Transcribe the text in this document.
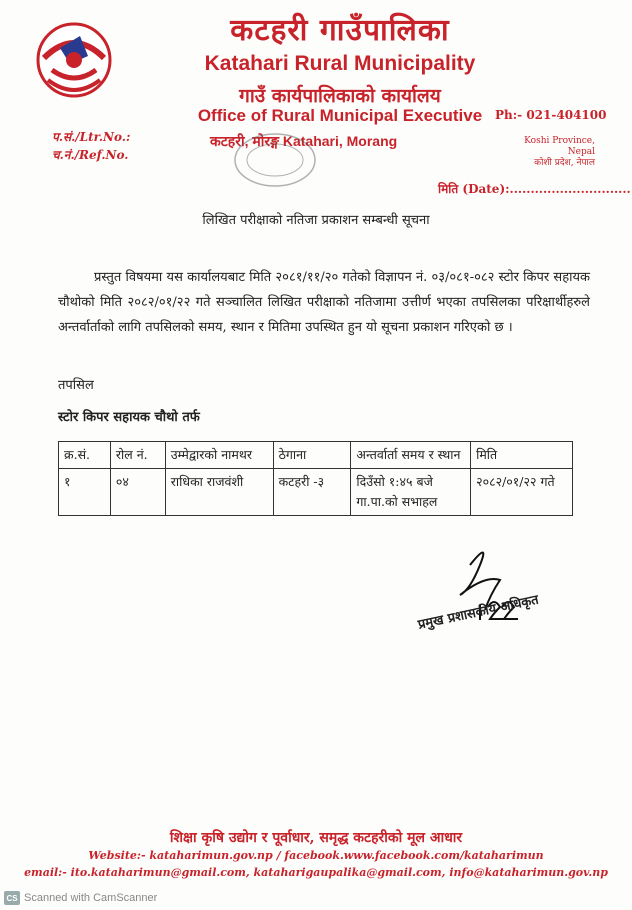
कटहरी गाउँपालिका
Katahari Rural Municipality
गाउँ कार्यपालिकाको कार्यालय
Office of Rural Municipal Executive
कटहरी, मोरङ्ग Katahari, Morang
प.सं./Ltr.No.:
च.नं./Ref.No.
Ph:- 021-404100
Koshi Province, Nepal
कोशी प्रदेश, नेपाल
मिति (Date):.............................
लिखित परीक्षाको नतिजा प्रकाशन सम्बन्धी सूचना
प्रस्तुत विषयमा यस कार्यालयबाट मिति २०८१/११/२० गतेको विज्ञापन नं. ०३/०८१-०८२ स्टोर किपर सहायक चौथोको मिति २०८२/०१/२२ गते सञ्चालित लिखित परीक्षाको नतिजामा उत्तीर्ण भएका तपसिलका परिक्षार्थीहरुले अन्तर्वार्ताको लागि तपसिलको समय, स्थान र मितिमा उपस्थित हुन यो सूचना प्रकाशन गरिएको छ ।
तपसिल
स्टोर किपर सहायक चौथो तर्फ
क्र.सं.	रोल नं.	उम्मेद्वारको नामथर	ठेगाना	अन्तर्वार्ता समय र स्थान	मिति
१	०४	राधिका राजवंशी	कटहरी -३	दिउँसो १:४५ बजे गा.पा.को सभाहल	२०८२/०१/२२ गते
प्रमुख प्रशासकीय अधिकृत
शिक्षा कृषि उद्योग र पूर्वाधार, समृद्ध कटहरीको मूल आधार
Website:- kataharimun.gov.np / facebook.www.facebook.com/kataharimun
email:- ito.kataharimun@gmail.com, katahari‍gaupalika@gmail.com, info@kataharimun.gov.np
CS Scanned with CamScanner
